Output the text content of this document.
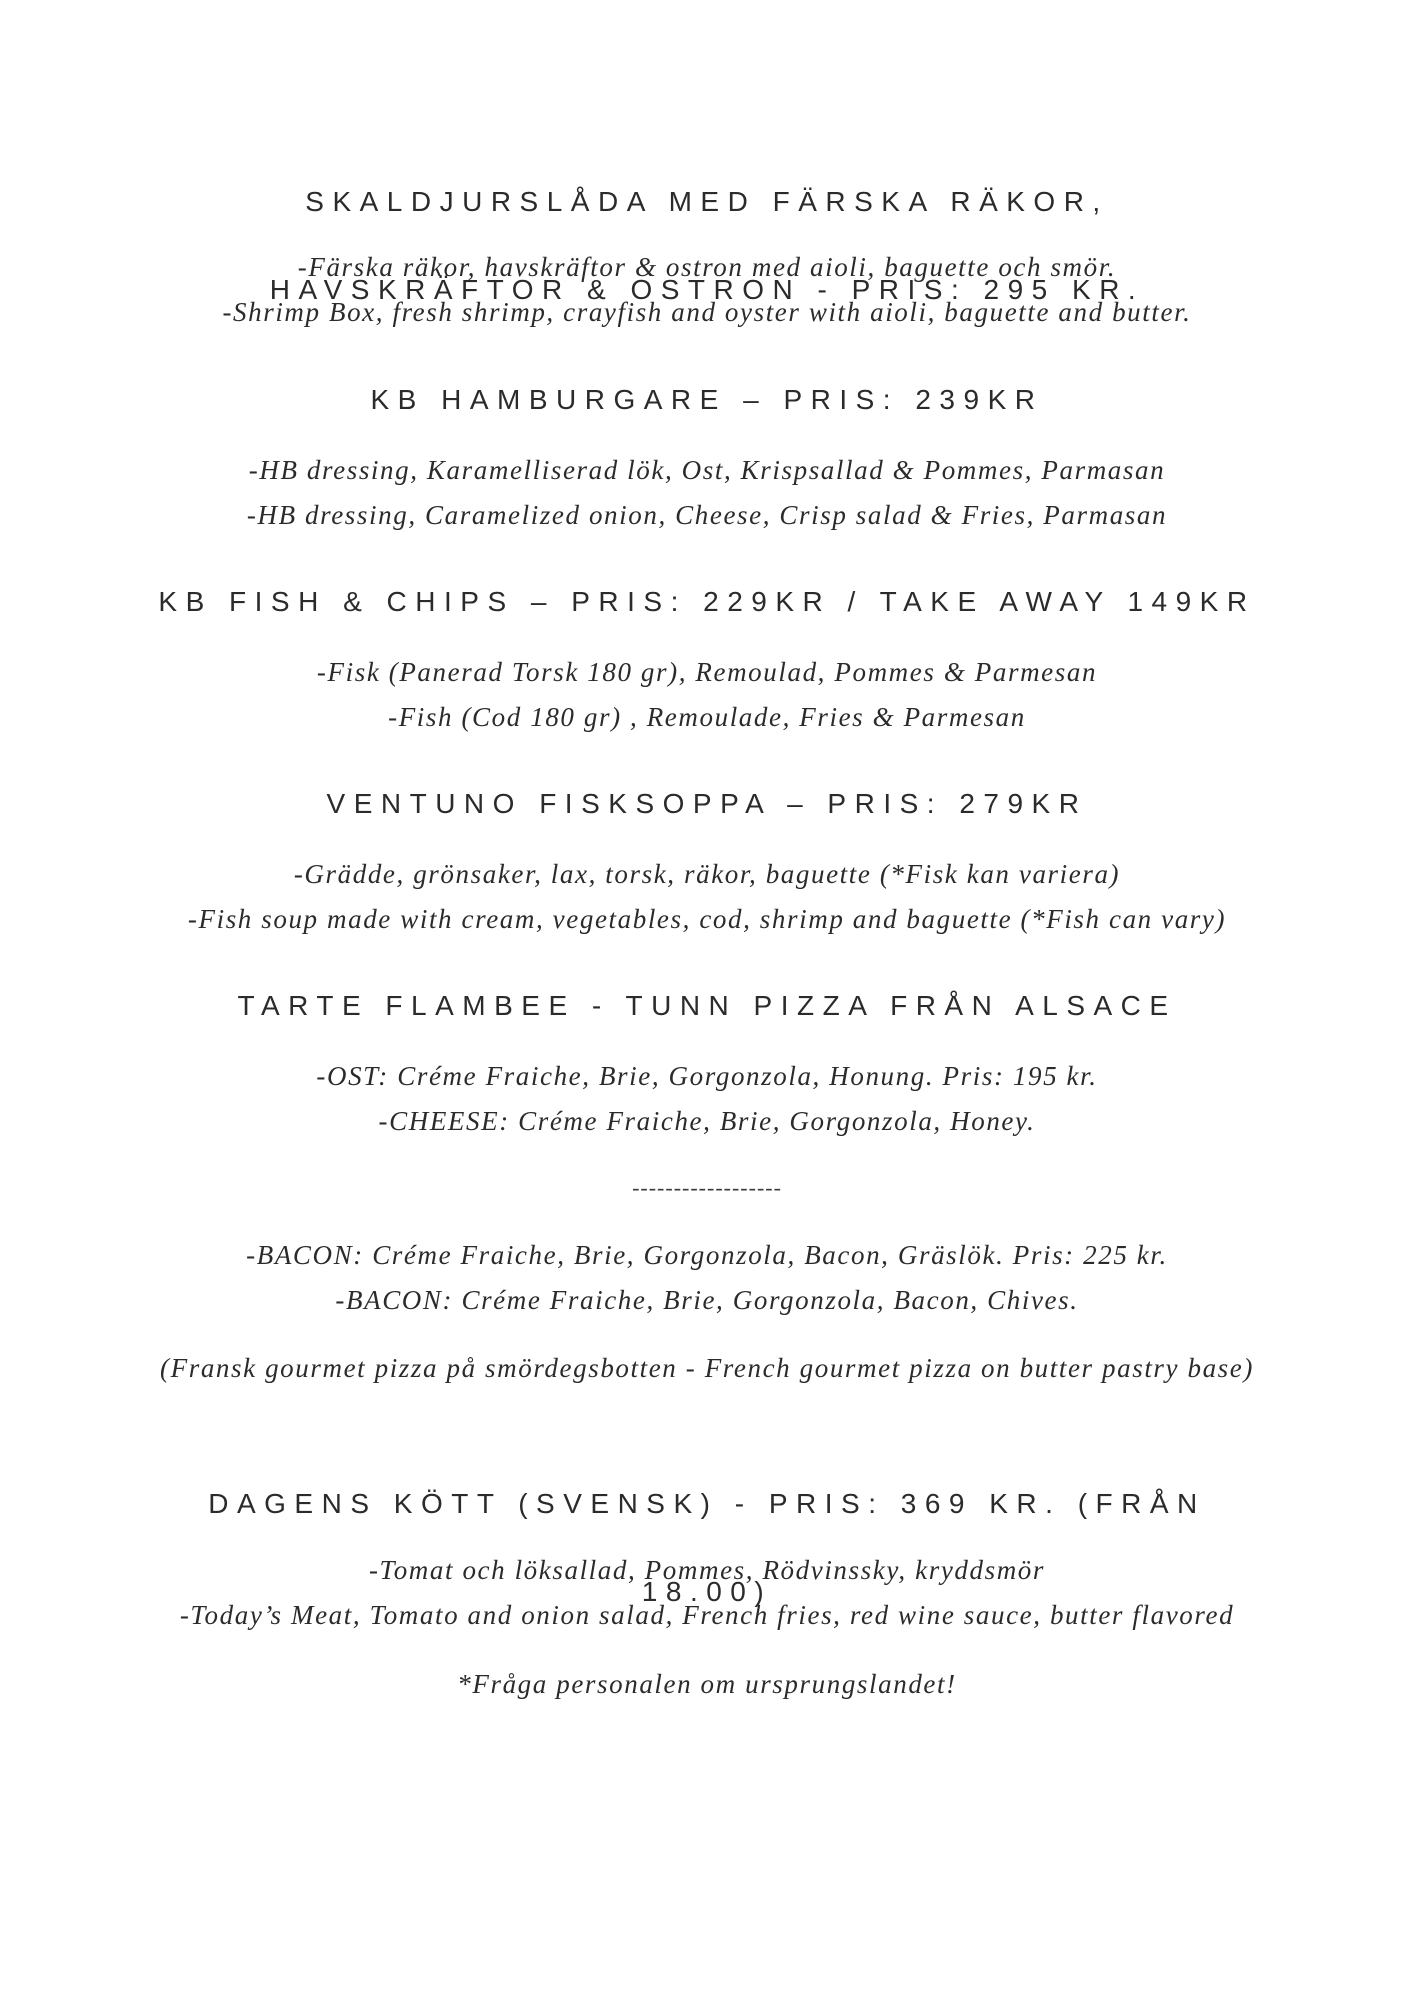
SKALDJURSLÅDA MED FÄRSKA RÄKOR,

HAVSKRÄFTOR & OSTRON - PRIS: 295 KR.

-Färska räkor, havskräftor & ostron med aioli, baguette och smör.
-Shrimp Box, fresh shrimp, crayfish and oyster with aioli, baguette and butter.
KB HAMBURGARE – PRIS: 239KR
-HB dressing, Karamelliserad lök, Ost, Krispsallad & Pommes, Parmasan
-HB dressing, Caramelized onion, Cheese, Crisp salad & Fries, Parmasan
KB FISH & CHIPS – PRIS: 229KR / TAKE AWAY 149KR
-Fisk (Panerad Torsk 180 gr), Remoulad, Pommes & Parmesan
-Fish (Cod 180 gr) , Remoulade, Fries & Parmesan
VENTUNO FISKSOPPA – PRIS: 279KR
-Grädde, grönsaker, lax, torsk, räkor, baguette (*Fisk kan variera)
-Fish soup made with cream, vegetables, cod, shrimp and baguette (*Fish can vary)
TARTE FLAMBEE - TUNN PIZZA FRÅN ALSACE
-OST: Créme Fraiche, Brie, Gorgonzola, Honung. Pris: 195 kr.
-CHEESE: Créme Fraiche, Brie, Gorgonzola, Honey.
------------------
-BACON: Créme Fraiche, Brie, Gorgonzola, Bacon, Gräslök. Pris: 225 kr.
-BACON: Créme Fraiche, Brie, Gorgonzola, Bacon, Chives.
(Fransk gourmet pizza på smördegsbotten - French gourmet pizza on butter pastry base)

DAGENS KÖTT (SVENSK) - PRIS: 369 KR. (FRÅN

18.00)

-Tomat och löksallad, Pommes, Rödvinssky, kryddsmör
-Today’s Meat, Tomato and onion salad, French fries, red wine sauce, butter flavored
*Fråga personalen om ursprungslandet!
